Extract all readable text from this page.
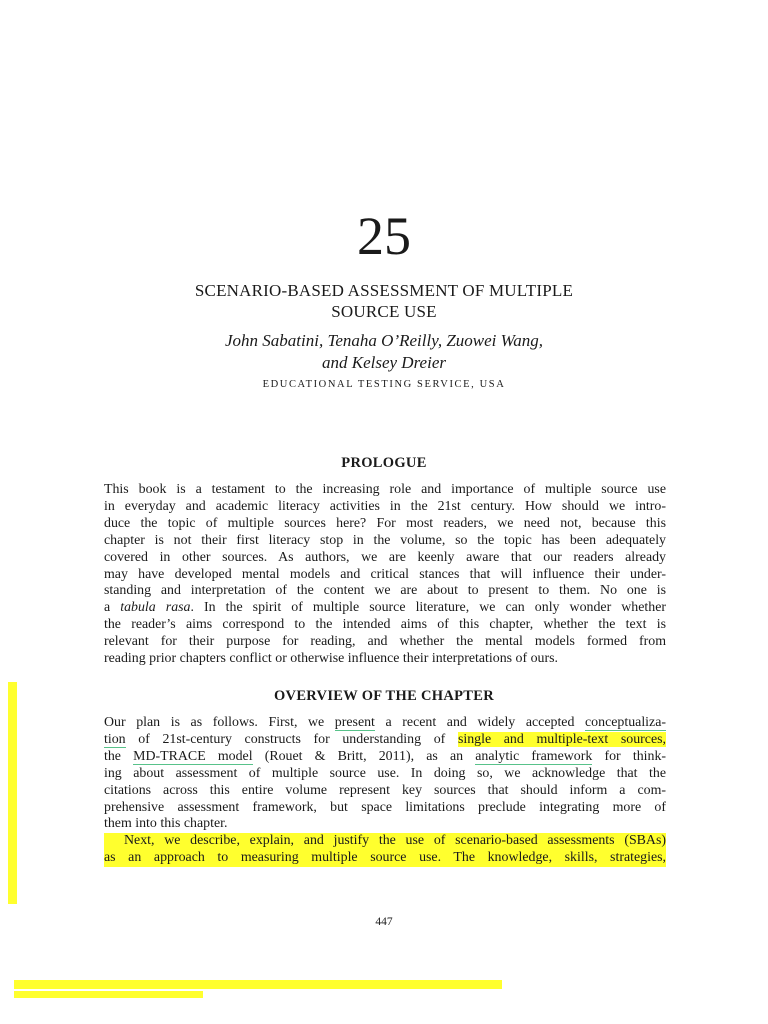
25
SCENARIO-BASED ASSESSMENT OF MULTIPLE
SOURCE USE
John Sabatini, Tenaha O’Reilly, Zuowei Wang,
and Kelsey Dreier
EDUCATIONAL TESTING SERVICE, USA
PROLOGUE
This book is a testament to the increasing role and importance of multiple source use
in everyday and academic literacy activities in the 21st century. How should we intro-
duce the topic of multiple sources here? For most readers, we need not, because this
chapter is not their first literacy stop in the volume, so the topic has been adequately
covered in other sources. As authors, we are keenly aware that our readers already
may have developed mental models and critical stances that will influence their under-
standing and interpretation of the content we are about to present to them. No one is
a tabula rasa. In the spirit of multiple source literature, we can only wonder whether
the reader’s aims correspond to the intended aims of this chapter, whether the text is
relevant for their purpose for reading, and whether the mental models formed from
reading prior chapters conflict or otherwise influence their interpretations of ours.
OVERVIEW OF THE CHAPTER
Our plan is as follows. First, we present a recent and widely accepted conceptualiza-
tion of 21st-century constructs for understanding of single and multiple-text sources,
the MD-TRACE model (Rouet & Britt, 2011), as an analytic framework for think-
ing about assessment of multiple source use. In doing so, we acknowledge that the
citations across this entire volume represent key sources that should inform a com-
prehensive assessment framework, but space limitations preclude integrating more of
them into this chapter.
Next, we describe, explain, and justify the use of scenario-based assessments (SBAs)
as an approach to measuring multiple source use. The knowledge, skills, strategies,
447
